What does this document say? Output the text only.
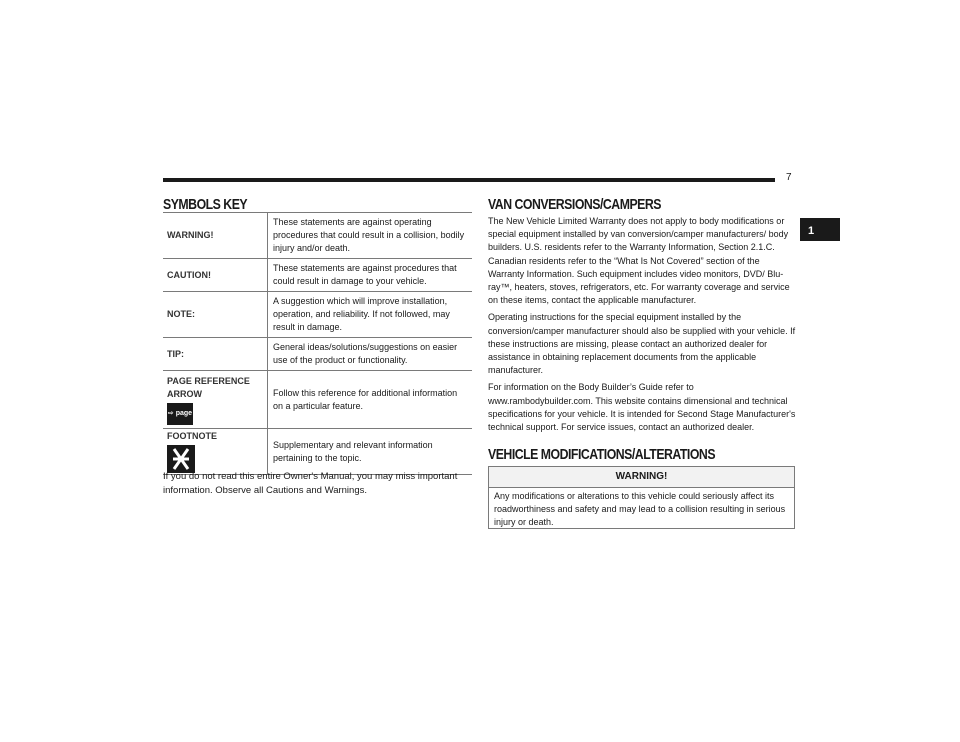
7
1
SYMBOLS KEY
WARNING!	These statements are against operating procedures that could result in a collision, bodily injury and/or death.
CAUTION!	These statements are against procedures that could result in damage to your vehicle.
NOTE:	A suggestion which will improve installation, operation, and reliability. If not followed, may result in damage.
TIP:	General ideas/solutions/suggestions on easier use of the product or functionality.

PAGE REFERENCE ARROW
⇨ page	Follow this reference for additional information on a particular feature.

FOOTNOTE	Supplementary and relevant information pertaining to the topic.

If you do not read this entire Owner's Manual, you may miss important information. Observe all Cautions and Warnings.

VAN CONVERSIONS/CAMPERS

The New Vehicle Limited Warranty does not apply to body modifications or special equipment installed by van conversion/camper manufacturers/ body builders. U.S. residents refer to the Warranty Information, Section 2.1.C. Canadian residents refer to the “What Is Not Covered” section of the Warranty Information. Such equipment includes video monitors, DVD/ Blu-ray™, heaters, stoves, refrigerators, etc. For warranty coverage and service on these items, contact the applicable manufacturer.

Operating instructions for the special equipment installed by the conversion/camper manufacturer should also be supplied with your vehicle. If these instructions are missing, please contact an authorized dealer for assistance in obtaining replacement documents from the applicable manufacturer.

For information on the Body Builder’s Guide refer to www.rambodybuilder.com. This website contains dimensional and technical specifications for your vehicle. It is intended for Second Stage Manufacturer's technical support. For service issues, contact an authorized dealer.

VEHICLE MODIFICATIONS/ALTERATIONS
WARNING!
Any modifications or alterations to this vehicle could seriously affect its roadworthiness and safety and may lead to a collision resulting in serious injury or death.
